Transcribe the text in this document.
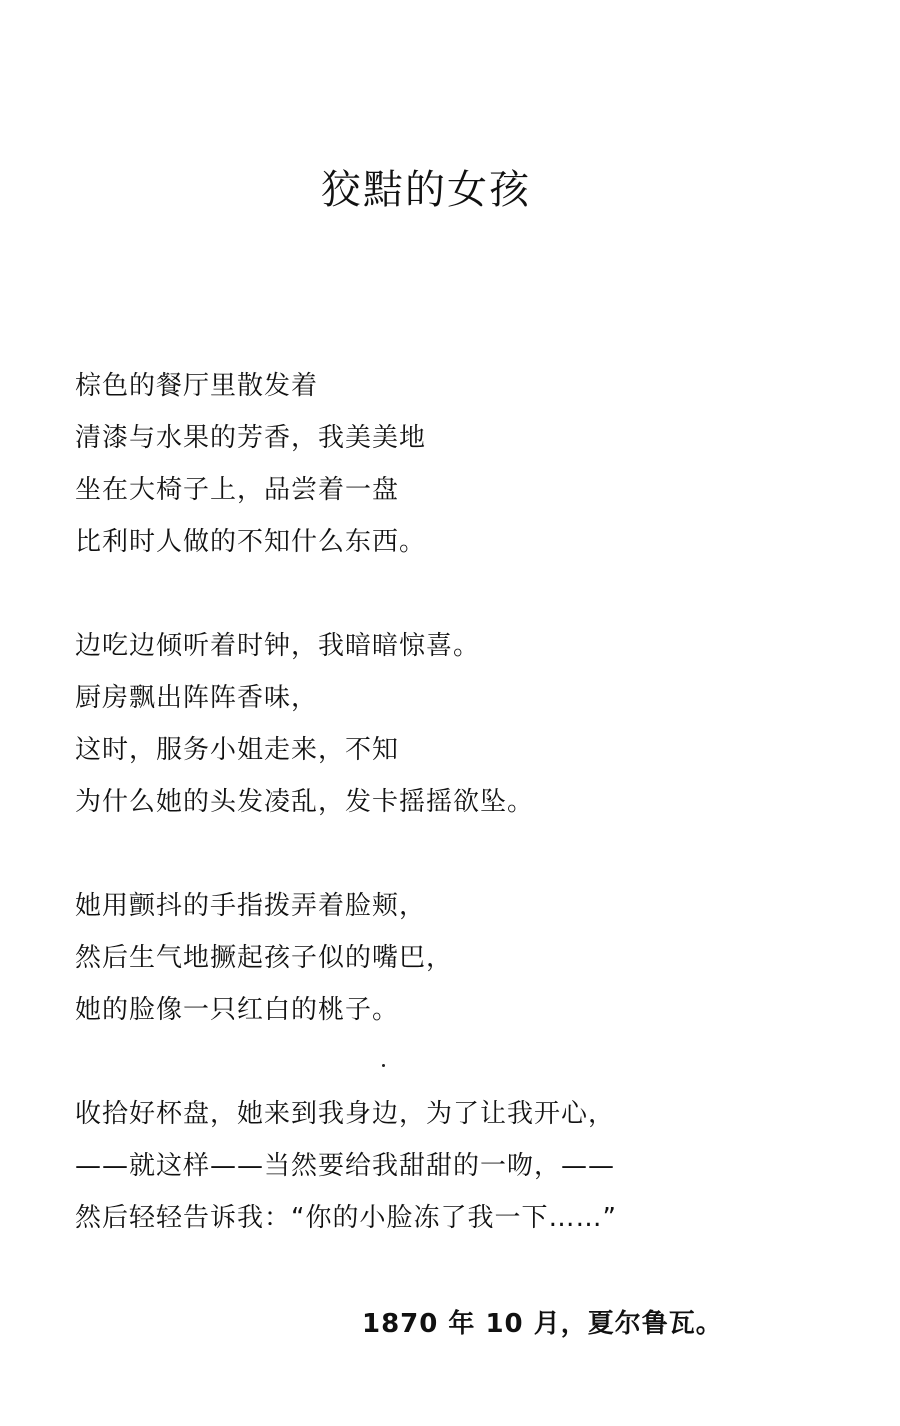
狡黠的女孩
棕色的餐厅里散发着
清漆与水果的芳香，我美美地
坐在大椅子上，品尝着一盘
比利时人做的不知什么东西。
边吃边倾听着时钟，我暗暗惊喜。
厨房飘出阵阵香味，
这时，服务小姐走来，不知
为什么她的头发凌乱，发卡摇摇欲坠。
她用颤抖的手指拨弄着脸颊，
然后生气地撅起孩子似的嘴巴，
她的脸像一只红白的桃子。
收拾好杯盘，她来到我身边，为了让我开心，
——就这样——当然要给我甜甜的一吻，——
然后轻轻告诉我：“你的小脸冻了我一下……”
1870 年 10 月，夏尔鲁瓦。
